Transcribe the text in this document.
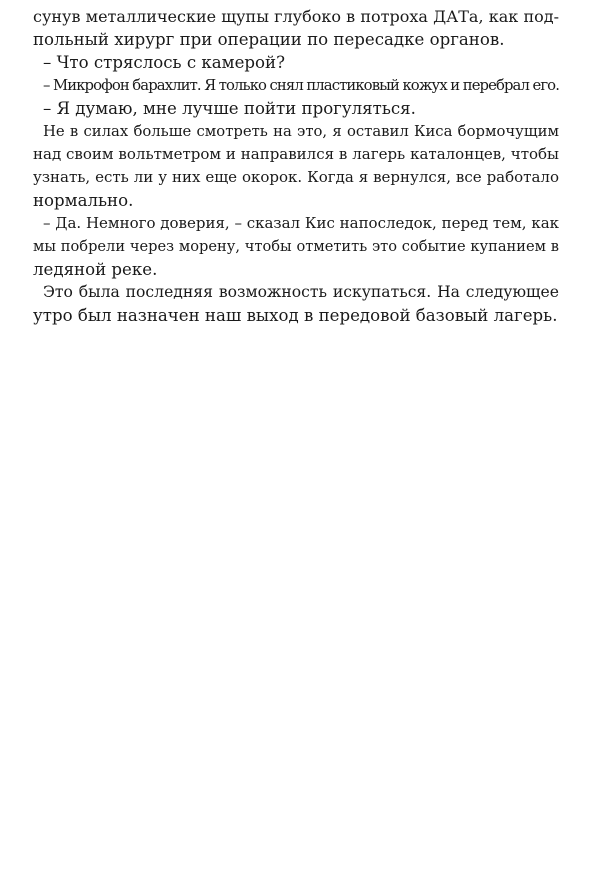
сунув металлические щупы глубоко в потроха ДАТа, как под-
польный хирург при операции по пересадке органов.
– Что стряслось с камерой?
– Микрофон барахлит. Я только снял пластиковый кожух и перебрал его.
– Я думаю, мне лучше пойти прогуляться.
Не в силах больше смотреть на это, я оставил Киса бормочущим
над своим вольтметром и направился в лагерь каталонцев, чтобы
узнать, есть ли у них еще окорок. Когда я вернулся, все работало
нормально.
– Да. Немного доверия, – сказал Кис напоследок, перед тем, как
мы побрели через морену, чтобы отметить это событие купанием в
ледяной реке.
Это была последняя возможность искупаться. На следующее
утро был назначен наш выход в передовой базовый лагерь.
